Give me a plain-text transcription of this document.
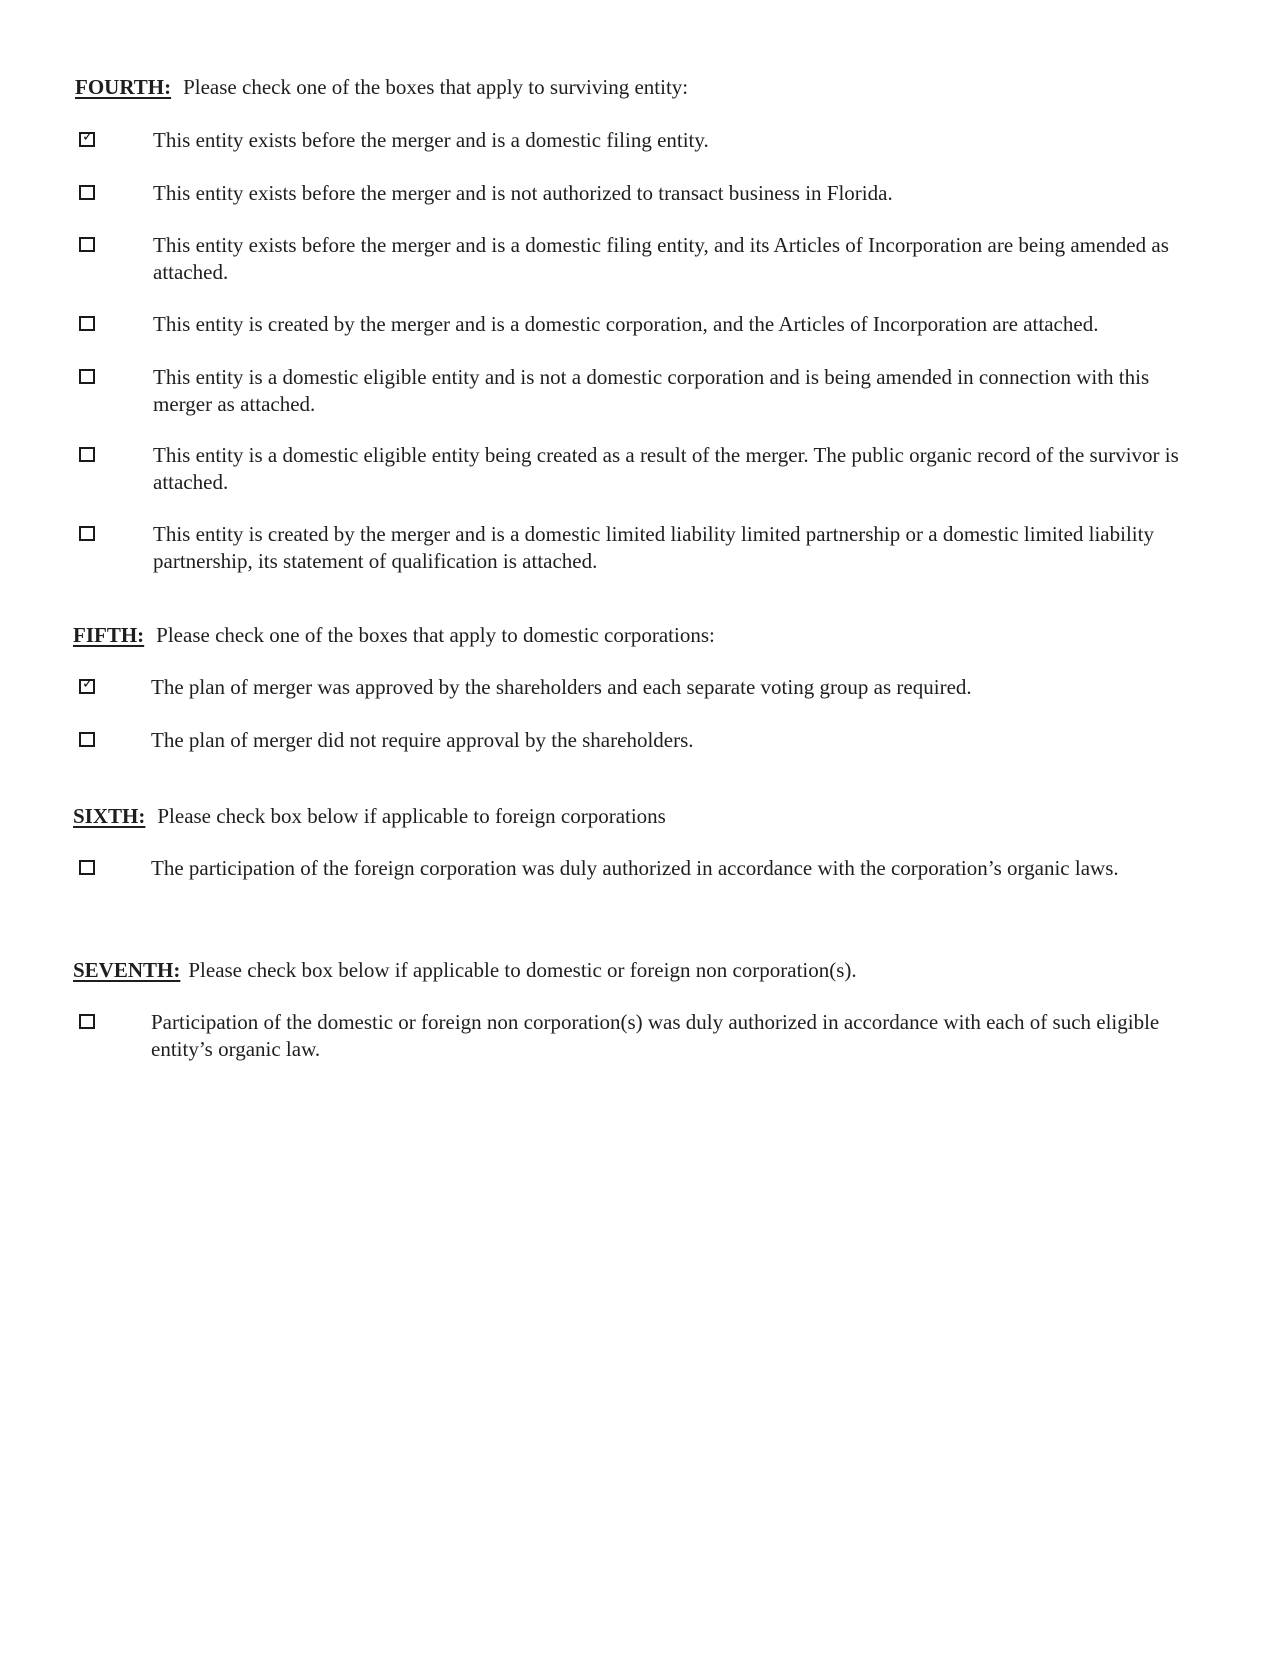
FOURTH: Please check one of the boxes that apply to surviving entity:
✓	This entity exists before the merger and is a domestic filing entity.
This entity exists before the merger and is not authorized to transact business in Florida.
This entity exists before the merger and is a domestic filing entity, and its Articles of Incorporation are being amended as attached.
This entity is created by the merger and is a domestic corporation, and the Articles of Incorporation are attached.
This entity is a domestic eligible entity and is not a domestic corporation and is being amended in connection with this merger as attached.
This entity is a domestic eligible entity being created as a result of the merger. The public organic record of the survivor is attached.
This entity is created by the merger and is a domestic limited liability limited partnership or a domestic limited liability partnership, its statement of qualification is attached.
FIFTH: Please check one of the boxes that apply to domestic corporations:
✓	The plan of merger was approved by the shareholders and each separate voting group as required.
The plan of merger did not require approval by the shareholders.
SIXTH: Please check box below if applicable to foreign corporations
The participation of the foreign corporation was duly authorized in accordance with the corporation’s organic laws.
SEVENTH: Please check box below if applicable to domestic or foreign non corporation(s).
Participation of the domestic or foreign non corporation(s) was duly authorized in accordance with each of such eligible entity’s organic law.
